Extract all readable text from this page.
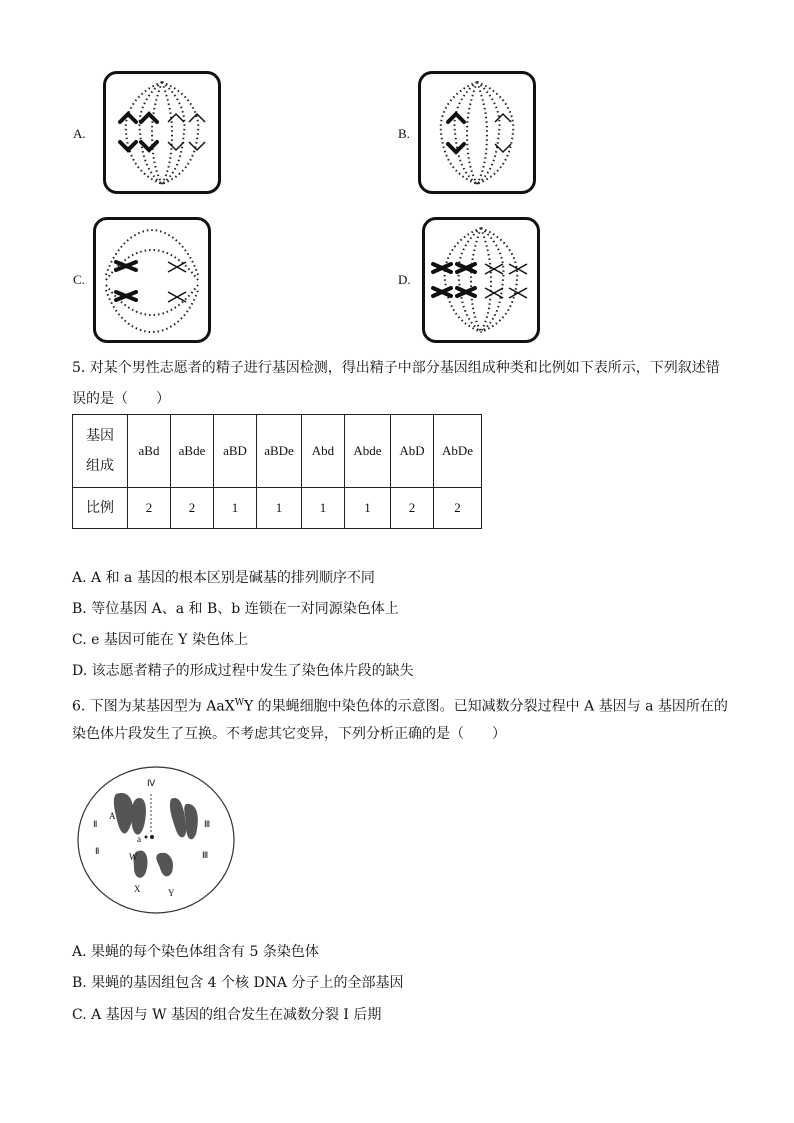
A.	B.
C.	D.
5. 对某个男性志愿者的精子进行基因检测，得出精子中部分基因组成种类和比例如下表所示，下列叙述错
误的是（　　）
基因
组成	aBd	aBde	aBD	aBDe	Abd	Abde	AbD	AbDe
比例	2	2	1	1	1	1	2	2
A. A 和 a 基因的根本区别是碱基的排列顺序不同
B. 等位基因 A、a 和 B、b 连锁在一对同源染色体上
C. e 基因可能在 Y 染色体上
D. 该志愿者精子的形成过程中发生了染色体片段的缺失
6. 下图为某基因型为 AaX$^W$Y 的果蝇细胞中染色体的示意图。已知减数分裂过程中 A 基因与 a 基因所在的
染色体片段发生了互换。不考虑其它变异，下列分析正确的是（　　）
Ⅳ
Ⅱ
Ⅱ
Ⅲ
Ⅲ
A
a
W
X	Y
A. 果蝇的每个染色体组含有 5 条染色体
B. 果蝇的基因组包含 4 个核 DNA 分子上的全部基因
C. A 基因与 W 基因的组合发生在减数分裂 Ⅰ 后期
